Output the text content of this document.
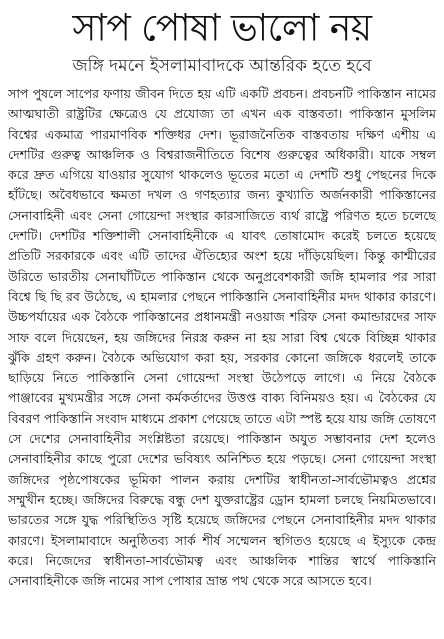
সাপ পোষা ভালো নয়
জঙ্গি দমনে ইসলামাবাদকে আন্তরিক হতে হবে

সাপ পুষলে সাপের ফণায় জীবন দিতে হয় এটি একটি প্রবচন। প্রবচনটি পাকিস্তান নামের আত্মঘাতী রাষ্ট্রটির ক্ষেত্রেও যে প্রযোজ্য তা এখন এক বাস্তবতা। পাকিস্তান মুসলিম বিশ্বের একমাত্র পারমাণবিক শক্তিধর দেশ। ভূরাজনৈতিক বাস্তবতায় দক্ষিণ এশীয় এ দেশটির গুরুত্ব আঞ্চলিক ও বিশ্বরাজনীতিতে বিশেষ গুরুত্বের অধিকারী। যাকে সম্বল করে দ্রুত এগিয়ে যাওয়ার সুযোগ থাকলেও ভূতের মতো এ দেশটি শুধু পেছনের দিকে হাঁটছে। অবৈধভাবে ক্ষমতা দখল ও গণহত্যার জন্য কুখ্যাতি অর্জনকারী পাকিস্তানের সেনাবাহিনী এবং সেনা গোয়েন্দা সংস্থার কারসাজিতে ব্যর্থ রাষ্ট্রে পরিণত হতে চলেছে দেশটি। দেশটির শক্তিশালী সেনাবাহিনীকে এ যাবৎ তোষামোদ করেই চলতে হয়েছে প্রতিটি সরকারকে এবং এটি তাদের ঐতিহ্যের অংশ হয়ে দাঁড়িয়েছিল। কিন্তু কাশ্মীরের উরিতে ভারতীয় সেনাঘাঁটিতে পাকিস্তান থেকে অনুপ্রবেশকারী জঙ্গি হামলার পর সারা বিশ্বে ছি ছি রব উঠেছে, এ হামলার পেছনে পাকিস্তানি সেনাবাহিনীর মদদ থাকার কারণে। উচ্চপর্যায়ের এক বৈঠকে পাকিস্তানের প্রধানমন্ত্রী নওয়াজ শরিফ সেনা কমান্ডারদের সাফ সাফ বলে দিয়েছেন, হয় জঙ্গিদের নিরস্ত্র করুন না হয় সারা বিশ্ব থেকে বিচ্ছিন্ন থাকার ঝুঁকি গ্রহণ করুন। বৈঠকে অভিযোগ করা হয়, সরকার কোনো জঙ্গিকে ধরলেই তাকে ছাড়িয়ে নিতে পাকিস্তানি সেনা গোয়েন্দা সংস্থা উঠেপড়ে লাগে। এ নিয়ে বৈঠকে পাঞ্জাবের মুখ্যমন্ত্রীর সঙ্গে সেনা কর্মকর্তাদের উত্তপ্ত বাক্য বিনিময়ও হয়। এ বৈঠকের যে বিবরণ পাকিস্তানি সংবাদ মাধ্যমে প্রকাশ পেয়েছে তাতে এটা স্পষ্ট হয়ে যায় জঙ্গি তোষণে সে দেশের সেনাবাহিনীর সংশ্লিষ্টতা রয়েছে। পাকিস্তান অযুত সম্ভাবনার দেশ হলেও সেনাবাহিনীর কাছে পুরো দেশের ভবিষ্যৎ অনিশ্চিত হয়ে পড়ছে। সেনা গোয়েন্দা সংস্থা জঙ্গিদের পৃষ্ঠপোষকের ভূমিকা পালন করায় দেশটির স্বাধীনতা-সার্বভৌমত্বও প্রশ্নের সম্মুখীন হচ্ছে। জঙ্গিদের বিরুদ্ধে বন্ধু দেশ যুক্তরাষ্ট্রের ড্রোন হামলা চলছে নিয়মিতভাবে। ভারতের সঙ্গে যুদ্ধ পরিস্থিতিও সৃষ্টি হয়েছে জঙ্গিদের পেছনে সেনাবাহিনীর মদদ থাকার কারণে। ইসলামাবাদে অনুষ্ঠিতব্য সার্ক শীর্ষ সম্মেলন স্থগিতও হয়েছে এ ইস্যুকে কেন্দ্র করে। নিজেদের স্বাধীনতা-সার্বভৌমত্ব এবং আঞ্চলিক শান্তির স্বার্থে পাকিস্তানি সেনাবাহিনীকে জঙ্গি নামের সাপ পোষার ভ্রান্ত পথ থেকে সরে আসতে হবে।
